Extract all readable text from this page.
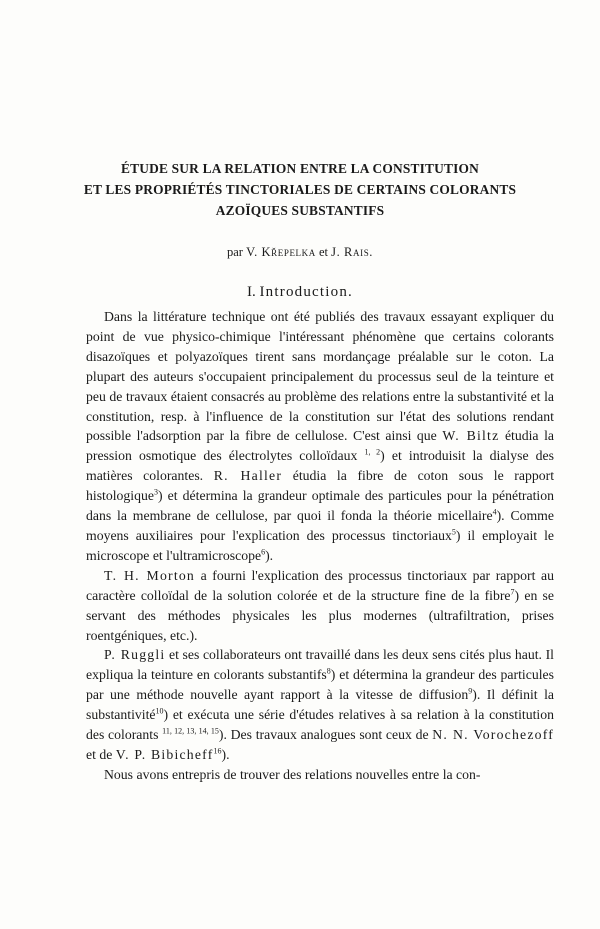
ÉTUDE SUR LA RELATION ENTRE LA CONSTITUTION
ET LES PROPRIÉTÉS TINCTORIALES DE CERTAINS COLORANTS
AZOÏQUES SUBSTANTIFS
par V. Křepelka et J. Rais.
I. Introduction.

Dans la littérature technique ont été publiés des travaux essayant expliquer du point de vue physico-chimique l'intéressant phénomène que certains colorants disazoïques et polyazoïques tirent sans mordançage préalable sur le coton. La plupart des auteurs s'occupaient principalement du processus seul de la teinture et peu de travaux étaient consacrés au problème des relations entre la substantivité et la constitution, resp. à l'influence de la constitution sur l'état des solutions rendant possible l'adsorption par la fibre de cellulose. C'est ainsi que W. Biltz étudia la pression osmotique des électrolytes colloïdaux $^{1, 2}$) et introduisit la dialyse des matières colorantes. R. Haller étudia la fibre de coton sous le rapport histologique$^3$) et détermina la grandeur optimale des particules pour la pénétration dans la membrane de cellulose, par quoi il fonda la théorie micellaire$^4$). Comme moyens auxiliaires pour l'explication des processus tinctoriaux$^5$) il employait le microscope et l'ultramicroscope$^6$).

T. H. Morton a fourni l'explication des processus tinctoriaux par rapport au caractère colloïdal de la solution colorée et de la structure fine de la fibre$^7$) en se servant des méthodes physicales les plus modernes (ultrafiltration, prises roentgéniques, etc.).

P. Ruggli et ses collaborateurs ont travaillé dans les deux sens cités plus haut. Il expliqua la teinture en colorants substantifs$^8$) et détermina la grandeur des particules par une méthode nouvelle ayant rapport à la vitesse de diffusion$^9$). Il définit la substantivité$^{10}$) et exécuta une série d'études relatives à sa relation à la constitution des colorants $^{11, 12, 13, 14, 15}$). Des travaux analogues sont ceux de N. N. Vorochezoff et de V. P. Bibicheff$^{16}$).

Nous avons entrepris de trouver des relations nouvelles entre la con-
